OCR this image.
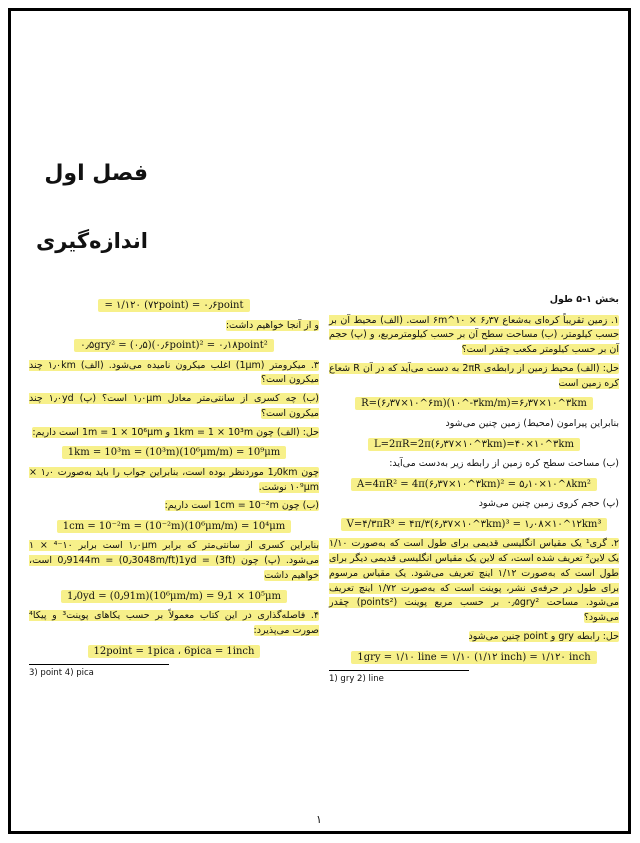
فصل اول
اندازه‌گیری
بخش ۱-۵ طول
۱. زمین تقریباً کره‌ای به‌شعاع ۶٫۳۷ × ۱۰^۶m است. (الف) محیط آن بر حسب کیلومتر، (ب) مساحت سطح آن بر حسب کیلومترمربع، و (پ) حجم آن بر حسب کیلومتر مکعب چقدر است؟
حل: (الف) محیط زمین از رابطه‌ی 2πR به دست می‌آید که در آن R شعاع کره زمین است
R=(۶٫۳۷×۱۰^۶m)(۱۰^-۳km/m)=۶٫۳۷×۱۰^۳km
بنابراین پیرامون (محیط) زمین چنین می‌شود
L=2πR=2π(۶٫۳۷×۱۰^۳km)=۴۰×۱۰^۳km
(ب) مساحت سطح کره زمین از رابطه زیر به‌دست می‌آید:
A=4πR² = 4π(۶٫۳۷×۱۰^۳km)² = ۵٫۱۰×۱۰^۸km²
(پ) حجم کروی زمین چنین می‌شود
V=۴/۳πR³ = ۴π/۳(۶٫۳۷×۱۰^۳km)³ = ۱٫۰۸×۱۰^۱۲km³
۲. گری¹ یک مقیاس انگلیسی قدیمی برای طول است که به‌صورت ۱/۱۰ یک لاین² تعریف شده است، که لاین یک مقیاس انگلیسی قدیمی دیگر برای طول است که به‌صورت ۱/۱۲ اینچ تعریف می‌شود. یک مقیاس مرسوم برای طول در حرفه‌ی نشر، پوینت است که به‌صورت ۱/۷۲ اینچ تعریف می‌شود. مساحت ۰٫۵gry² بر حسب مربع پوینت (points²) چقدر می‌شود؟
حل: رابطه gry و point چنین می‌شود
1gry = ۱/۱۰ line = ۱/۱۰ (۱/۱۲ inch) = ۱/۱۲۰ inch
1) gry 2) line
= ۱/۱۲۰ (۷۲point) = ۰٫۶point
و از آنجا خواهیم داشت:
۰٫۵gry² = (۰٫۵)(۰٫۶point)² = ۰٫۱۸point²
۳. میکرومتر (1μm) اغلب میکرون نامیده می‌شود. (الف) ۱٫۰km چند میکرون است؟
(ب) چه کسری از سانتی‌متر معادل ۱٫۰μm است؟ (پ) ۱٫۰yd چند میکرون است؟
حل: (الف) چون 1km = 1 × 10³m و 1m = 1 × 10⁶μm است داریم:
1km = 10³m = (10³m)(10⁶μm/m) = 10⁹μm
چون 1٫0km موردنظر بوده است، بنابراین جواب را باید به‌صورت ۱٫۰ × ۱۰⁹μm نوشت.
(ب) چون 1cm = 10⁻²m است داریم:
1cm = 10⁻²m = (10⁻²m)(10⁶μm/m) = 10⁴μm
بنابراین کسری از سانتی‌متر که برابر ۱٫۰μm است برابر ۱۰⁻⁴ × ۱ می‌شود. (پ) چون 1yd = (3ft)(0٫3048m/ft) = 0٫9144m است، خواهیم داشت
1٫0yd = (0٫91m)(10⁶μm/m) = 9٫1 × 10⁵μm
۴. فاصله‌گذاری در این کتاب معمولاً بر حسب یکاهای پوینت³ و پیکا⁴ صورت می‌پذیرد:
12point = 1pica ، 6pica = 1inch
3) point 4) pica
۱
